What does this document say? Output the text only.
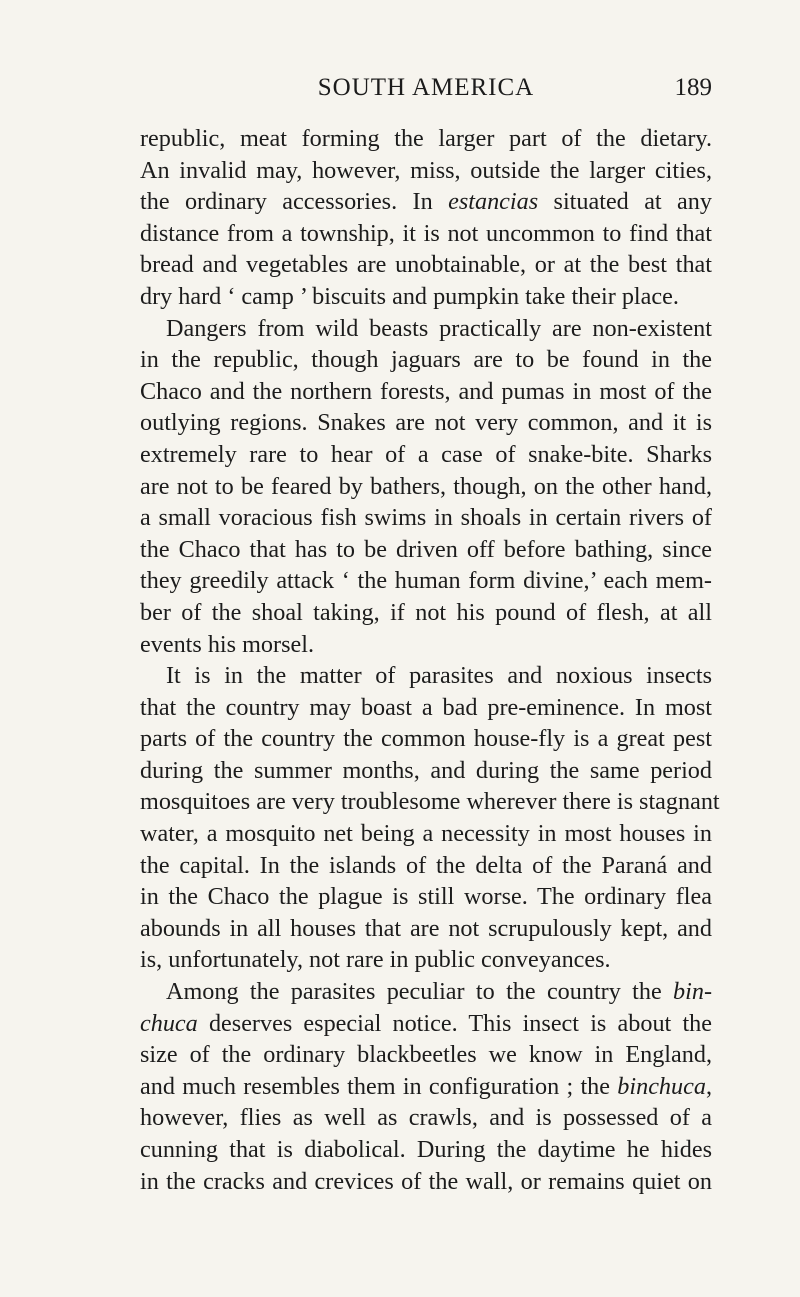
SOUTH AMERICA	189
republic, meat forming the larger part of the dietary.
An invalid may, however, miss, outside the larger cities,
the ordinary accessories. In estancias situated at any
distance from a township, it is not uncommon to find that
bread and vegetables are unobtainable, or at the best that
dry hard ‘ camp ’ biscuits and pumpkin take their place.
Dangers from wild beasts practically are non-existent
in the republic, though jaguars are to be found in the
Chaco and the northern forests, and pumas in most of the
outlying regions. Snakes are not very common, and it is
extremely rare to hear of a case of snake-bite. Sharks
are not to be feared by bathers, though, on the other hand,
a small voracious fish swims in shoals in certain rivers of
the Chaco that has to be driven off before bathing, since
they greedily attack ‘ the human form divine,’ each mem-
ber of the shoal taking, if not his pound of flesh, at all
events his morsel.
It is in the matter of parasites and noxious insects
that the country may boast a bad pre-eminence. In most
parts of the country the common house-fly is a great pest
during the summer months, and during the same period
mosquitoes are very troublesome wherever there is stagnant
water, a mosquito net being a necessity in most houses in
the capital. In the islands of the delta of the Paraná and
in the Chaco the plague is still worse. The ordinary flea
abounds in all houses that are not scrupulously kept, and
is, unfortunately, not rare in public conveyances.
Among the parasites peculiar to the country the bin-
chuca deserves especial notice. This insect is about the
size of the ordinary blackbeetles we know in England,
and much resembles them in configuration ; the binchuca,
however, flies as well as crawls, and is possessed of a
cunning that is diabolical. During the daytime he hides
in the cracks and crevices of the wall, or remains quiet on
